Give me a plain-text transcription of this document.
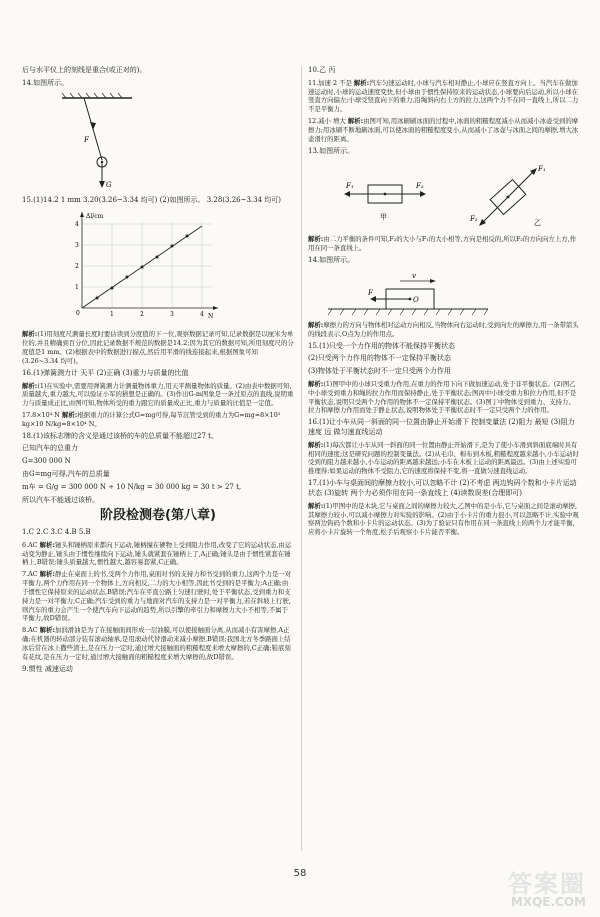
后与水平仪上的刻线是重合(或正对的)。

14.如图所示。

F
G

15.(1)14.2 1 mm 3.20(3.26~3.34 均可) (2)如图所示。 3.28(3.26~3.34 均可)

Δl/cm
N
0	1	2	3	4
1
2
3
4

解析:(1)用刻度尺测量长度时要估读到分度值的下一位,观察数据记录可知,记录数据是以厘米为单位的,并且精确到百分位,因此记录数据不规范的数据是14.2;因为其它的数据可知,所用刻度尺的分度值是1 mm。(2)根据表中的数据进行描点,然后用平滑的线连接起来,根据图象可知(3.26~3.34 均可)。

16.(1)弹簧测力计 天平 (2)正确 (3)重力与质量的比值

解析:(1)在实验中,需要用弹簧测力计测量物体重力,用天平测量物体的质量。(2)由表中数据可知,质量越大,重力越大,可以验证小军的猜想是正确的。(3)作出G-m图象是一条过原点的直线,说明重力与质量成正比,由图可知,物体所受的重力跟它的质量成正比,重力与质量的比值是一定值。

17.8×10⁴ N 解析:根据重力的计算公式G=mg可得,每节沉管受到的重力为G=mg=8×10³ kg×10 N/kg=8×10⁴ N。

18.(1)该标志牌的含义是通过该桥的车的总质量不能超过27 t。

已知汽车的总重力

G=300 000 N

由G=mg可得,汽车的总质量

m车 = G/g = 300 000 N ÷ 10 N/kg = 30 000 kg = 30 t > 27 t,

所以汽车不能通过该桥。

阶段检测卷(第八章)

1.C 2.C 3.C 4.B 5.B

6.AC 解析:锤头和锤柄原来都向下运动,锤柄撞在硬物上受到阻力作用,改变了它的运动状态,由运动变为静止,锤头由于惯性继续向下运动,锤头就紧套在锤柄上了,A正确;锤头是由于惯性紧套在锤柄上,B错误;锤头质量越大,惯性越大,越容易套紧,C正确。

7.AC 解析:静止在桌面上的书,受两个力作用,桌面对书的支持力和书受到的重力,这两个力是一对平衡力,两个力作用在同一个物体上,方向相反,二力的大小相等,因此书受到的是平衡力;A正确;由于惯性它保持原来的运动状态,B错误;汽车在平直公路上匀速行驶时,处于平衡状态,受到重力和支持力是一对平衡力,C正确;汽车受到的重力与地面对汽车的支持力是一对平衡力,若在斜坡上行驶,则汽车的重力会产生一个使汽车向下运动的趋势,所以引擎的牵引力和摩擦力大小不相等,不属于平衡力,故D错误。

8.AC 解析:加润滑油是为了在接触面间形成一层油膜,可以使接触面分离,从而减小有害摩擦,A正确;在机器的转动部分装有滚动轴承,是用滚动代替滑动来减小摩擦,B错误;我国北方冬季路面上结冰后常在冰上撒些渣土,是在压力一定时,通过增大接触面的粗糙程度来增大摩擦的,C正确;鞋底刻有花纹,是在压力一定时,通过增大接触面的粗糙程度来增大摩擦的,故D错误。

9.惯性 减速运动

10.乙 丙

11.加速 2 不是 解析:汽车匀速运动时,小球与汽车相对静止,小球应在竖直方向上。当汽车在做加速运动时,小球的运动速度变快,但小球由于惯性保持原来的运动状态,小球要向后运动,所以小球在竖直方向偏左;小球受竖直向下的重力,沿绳斜向右上方的拉力,这两个力不在同一直线上,所以二力不是平衡力。

12.减小 增大 解析:由图可知,用冰刷刷冰面的过程中,冰面的粗糙程度减小从而减小冰壶受到的摩擦力;用冰刷不断地刷冰面,可以使冰面的粗糙程度变小,从而减小了冰壶与冰面之间的摩擦,增大冰壶滑行的距离。

13.如图所示。

F₁	F₂
甲
F₁
F₂	乙

解析:由二力平衡的条件可知,F₂的大小与F₁的大小相等,方向是相反的,所以F₂的方向向左上方,作用在同一条直线上。

14.如图所示。

O
F
v

解析:摩擦力的方向与物体相对运动方向相反,当物体向右运动时,受到向左的摩擦力,用一条带箭头的线段表示,O点为力的作用点。

15.(1)只受一个力作用的物体不能保持平衡状态

(2)只受两个力作用的物体不一定保持平衡状态

(3)物体处于平衡状态时不一定只受两个力作用

解析:(1)图甲中的小球只受重力作用,在重力的作用下向下做加速运动,处于非平衡状态。(2)图乙中小球受到重力和绳的拉力作用而保持静止,处于平衡状态;图丙中小球受重力和拉力作用,但不是平衡状态,说明只受两个力作用的物体不一定保持平衡状态。(3)图丁中物体受到重力、支持力、拉力和摩擦力作用而处于静止状态,说明物体处于平衡状态时不一定只受两个力的作用。

16.(1)让小车从同一斜面的同一位置由静止开始滑下 控制变量法 (2)阻力 最短 (3)阻力 速度 远 做匀速直线运动

解析:(1)每次都让小车从同一斜面的同一位置由静止开始滑下,是为了使小车滑到斜面底端时具有相同的速度;这是研究问题的控制变量法。(2)从毛巾、棉布到木板,粗糙程度越来越小,小车运动时受到的阻力越来越小,小车运动的距离越来越远;小车在木板上运动的距离最远。(3)由上述实验可推理得:如果运动的物体不受阻力,它的速度将保持不变,将一直做匀速直线运动。

17.(1)小车与桌面间的摩擦力较小,可以忽略不计 (2)不考虑 两边钩码个数和小卡片运动状态 (3)旋转 两个力必须作用在同一条直线上 (4)读数误差(合理即可)

解析:(1)甲图中的是木块,它与桌面之间的摩擦力较大,乙图中的是小车,它与桌面之间是滚动摩擦,其摩擦力较小,可以减小摩擦力对实验的影响。(2)由于小卡片的重力很小,可以忽略不计,实验中观察两边钩码个数和小卡片的运动状态。(3)为了验证只有作用在同一条直线上的两个力才能平衡,应将小卡片旋转一个角度,松手后观察小卡片能否平衡。

58	答案圈
MXQE.COM
